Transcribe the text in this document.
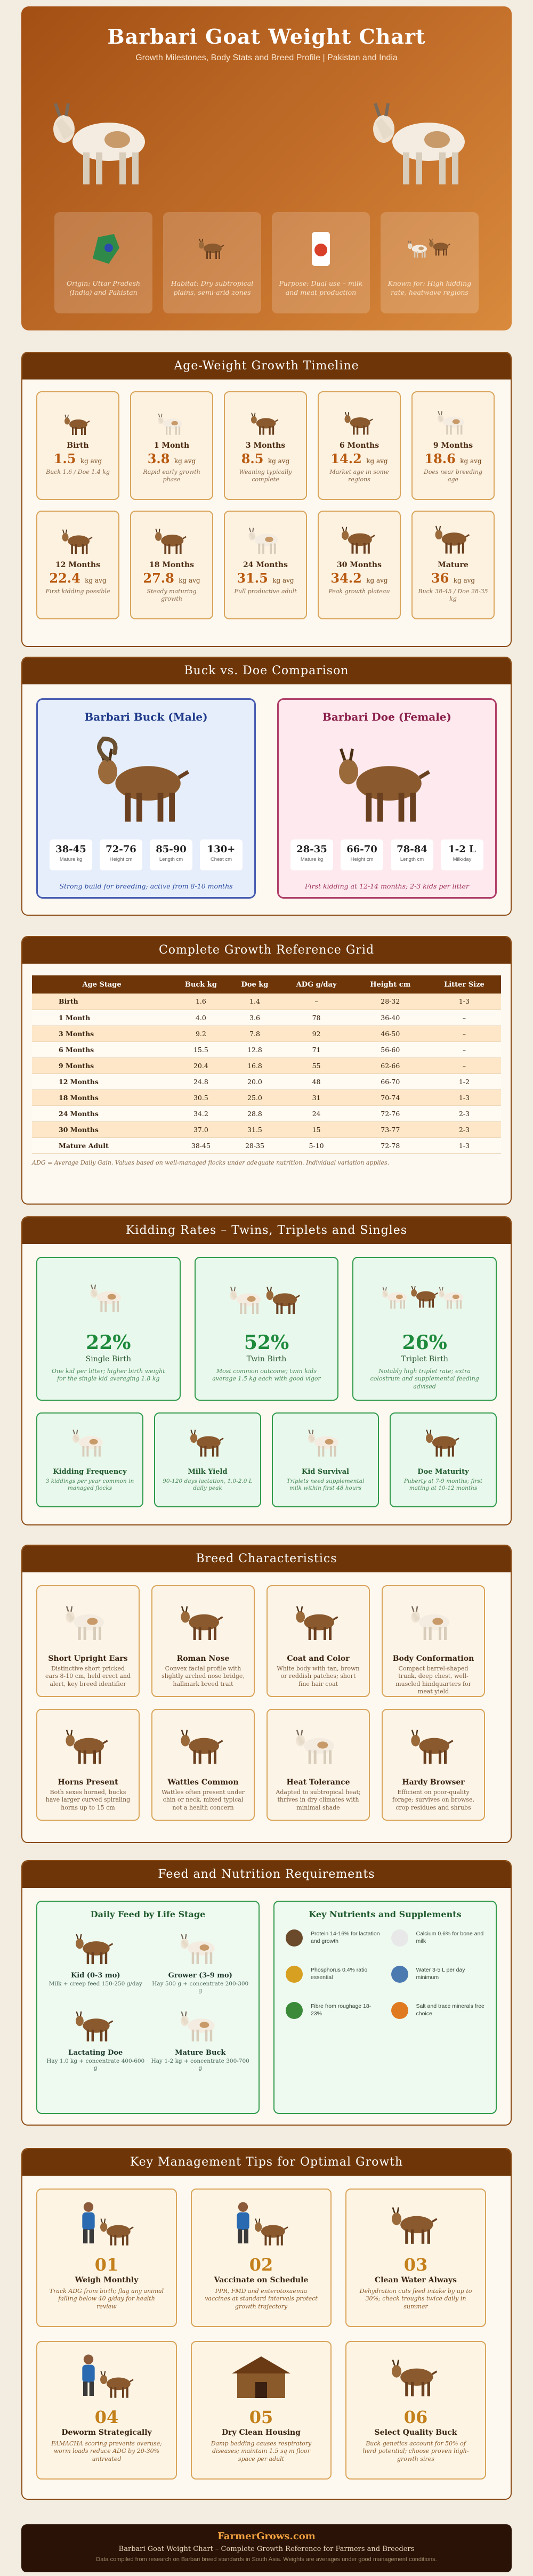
Barbari Goat Weight Chart
Growth Milestones, Body Stats and Breed Profile | Pakistan and India

Origin: Uttar Pradesh (India) and Pakistan

Habitat: Dry subtropical plains, semi-arid zones

Purpose: Dual use – milk and meat production

Known for: High kidding rate, heatwave regions

Age-Weight Growth Timeline
Birth
1.5 kg avg
Buck 1.6 / Doe 1.4 kg
1 Month
3.8 kg avg
Rapid early growth phase
3 Months
8.5 kg avg
Weaning typically complete
6 Months
14.2 kg avg
Market age in some regions
9 Months
18.6 kg avg
Does near breeding age
12 Months
22.4 kg avg
First kidding possible
18 Months
27.8 kg avg
Steady maturing growth
24 Months
31.5 kg avg
Full productive adult
30 Months
34.2 kg avg
Peak growth plateau
Mature
36 kg avg
Buck 38-45 / Doe 28-35 kg
Buck vs. Doe Comparison
Barbari Buck (Male)
38-45
Mature kg
72-76
Height cm
85-90
Length cm
130+
Chest cm
Strong build for breeding; active from 8-10 months
Barbari Doe (Female)
28-35
Mature kg
66-70
Height cm
78-84
Length cm
1-2 L
Milk/day
First kidding at 12-14 months; 2-3 kids per litter
Complete Growth Reference Grid
Age Stage	Buck kg	Doe kg	ADG g/day	Height cm	Litter Size
Birth	1.6	1.4	–	28-32	1-3
1 Month	4.0	3.6	78	36-40	–
3 Months	9.2	7.8	92	46-50	–
6 Months	15.5	12.8	71	56-60	–
9 Months	20.4	16.8	55	62-66	–
12 Months	24.8	20.0	48	66-70	1-2
18 Months	30.5	25.0	31	70-74	1-3
24 Months	34.2	28.8	24	72-76	2-3
30 Months	37.0	31.5	15	73-77	2-3
Mature Adult	38-45	28-35	5-10	72-78	1-3
ADG = Average Daily Gain. Values based on well-managed flocks under adequate nutrition. Individual variation applies.
Kidding Rates – Twins, Triplets and Singles
22%
Single Birth
One kid per litter; higher birth weight for the single kid averaging 1.8 kg
52%
Twin Birth
Most common outcome; twin kids average 1.5 kg each with good vigor
26%
Triplet Birth
Notably high triplet rate; extra colostrum and supplemental feeding advised
Kidding Frequency
3 kiddings per year common in managed flocks
Milk Yield
90-120 days lactation, 1.0-2.0 L daily peak
Kid Survival
Triplets need supplemental milk within first 48 hours
Doe Maturity
Puberty at 7-9 months; first mating at 10-12 months
Breed Characteristics
Short Upright Ears
Distinctive short pricked ears 8-10 cm, held erect and alert, key breed identifier
Roman Nose
Convex facial profile with slightly arched nose bridge, hallmark breed trait
Coat and Color
White body with tan, brown or reddish patches; short fine hair coat
Body Conformation
Compact barrel-shaped trunk, deep chest, well-muscled hindquarters for meat yield
Horns Present
Both sexes horned, bucks have larger curved spiraling horns up to 15 cm
Wattles Common
Wattles often present under chin or neck, mixed typical not a health concern
Heat Tolerance
Adapted to subtropical heat; thrives in dry climates with minimal shade
Hardy Browser
Efficient on poor-quality forage; survives on browse, crop residues and shrubs
Feed and Nutrition Requirements
Daily Feed by Life Stage
Kid (0-3 mo)
Milk + creep feed 150-250 g/day
Grower (3-9 mo)
Hay 500 g + concentrate 200-300 g
Lactating Doe
Hay 1.0 kg + concentrate 400-600 g
Mature Buck
Hay 1-2 kg + concentrate 300-700 g
Key Nutrients and Supplements
Protein 14-16% for lactation and growth
Calcium 0.6% for bone and milk
Phosphorus 0.4% ratio essential
Water 3-5 L per day minimum
Fibre from roughage 18-23%
Salt and trace minerals free choice
Key Management Tips for Optimal Growth
01
Weigh Monthly
Track ADG from birth; flag any animal falling below 40 g/day for health review
02
Vaccinate on Schedule
PPR, FMD and enterotoxaemia vaccines at standard intervals protect growth trajectory
03
Clean Water Always
Dehydration cuts feed intake by up to 30%; check troughs twice daily in summer
04
Deworm Strategically
FAMACHA scoring prevents overuse; worm loads reduce ADG by 20-30% untreated
05
Dry Clean Housing
Damp bedding causes respiratory diseases; maintain 1.5 sq m floor space per adult
06
Select Quality Buck
Buck genetics account for 50% of herd potential; choose proven high-growth sires
FarmerGrows.com
Barbari Goat Weight Chart – Complete Growth Reference for Farmers and Breeders
Data compiled from research on Barbari breed standards in South Asia. Weights are averages under good management conditions.
